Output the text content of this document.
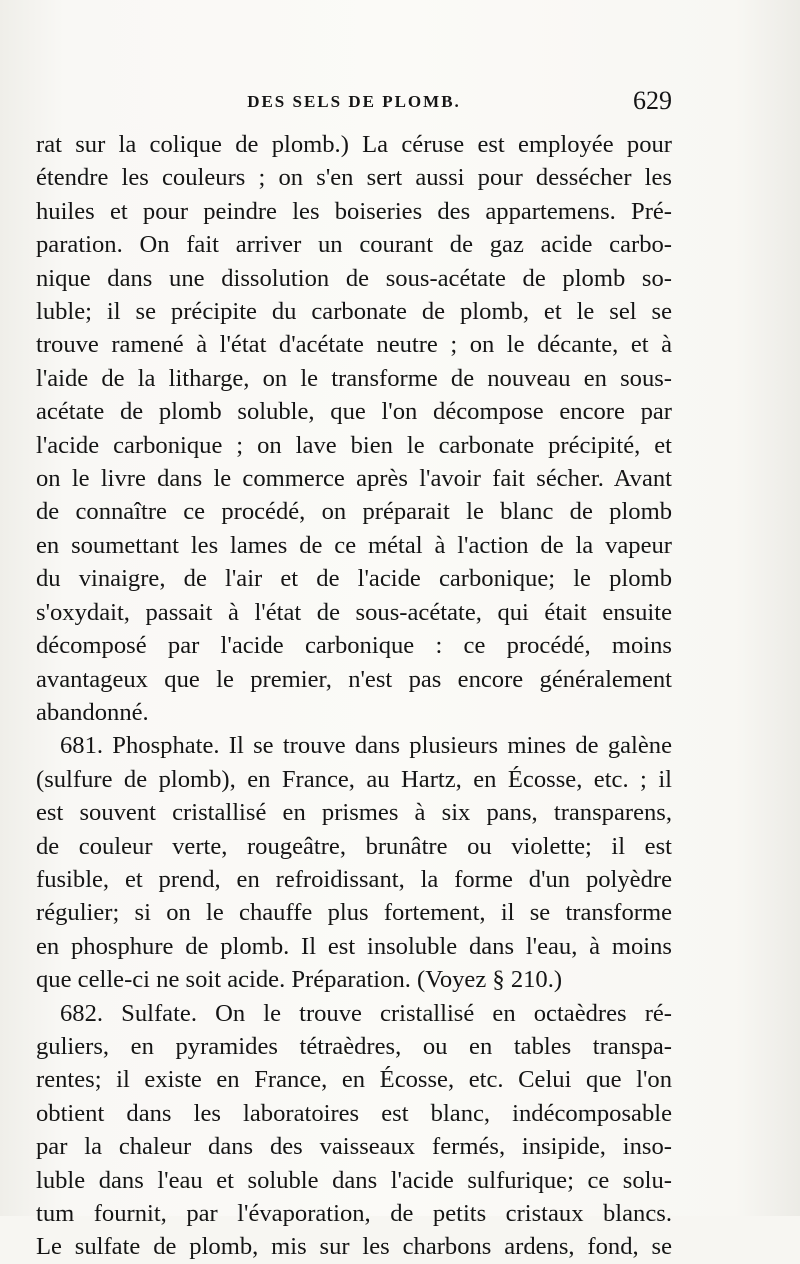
DES SELS DE PLOMB.	629
rat sur la colique de plomb.) La céruse est employée pour
étendre les couleurs ; on s'en sert aussi pour dessécher les
huiles et pour peindre les boiseries des appartemens. Pré-
paration. On fait arriver un courant de gaz acide carbo-
nique dans une dissolution de sous-acétate de plomb so-
luble; il se précipite du carbonate de plomb, et le sel se
trouve ramené à l'état d'acétate neutre ; on le décante, et à
l'aide de la litharge, on le transforme de nouveau en sous-
acétate de plomb soluble, que l'on décompose encore par
l'acide carbonique ; on lave bien le carbonate précipité, et
on le livre dans le commerce après l'avoir fait sécher. Avant
de connaître ce procédé, on préparait le blanc de plomb
en soumettant les lames de ce métal à l'action de la vapeur
du vinaigre, de l'air et de l'acide carbonique; le plomb
s'oxydait, passait à l'état de sous-acétate, qui était ensuite
décomposé par l'acide carbonique : ce procédé, moins
avantageux que le premier, n'est pas encore généralement
abandonné.
681. Phosphate. Il se trouve dans plusieurs mines de galène
(sulfure de plomb), en France, au Hartz, en Écosse, etc. ; il
est souvent cristallisé en prismes à six pans, transparens,
de couleur verte, rougeâtre, brunâtre ou violette; il est
fusible, et prend, en refroidissant, la forme d'un polyèdre
régulier; si on le chauffe plus fortement, il se transforme
en phosphure de plomb. Il est insoluble dans l'eau, à moins
que celle-ci ne soit acide. Préparation. (Voyez § 210.)
682. Sulfate. On le trouve cristallisé en octaèdres ré-
guliers, en pyramides tétraèdres, ou en tables transpa-
rentes; il existe en France, en Écosse, etc. Celui que l'on
obtient dans les laboratoires est blanc, indécomposable
par la chaleur dans des vaisseaux fermés, insipide, inso-
luble dans l'eau et soluble dans l'acide sulfurique; ce solu-
tum fournit, par l'évaporation, de petits cristaux blancs.
Le sulfate de plomb, mis sur les charbons ardens, fond, se
